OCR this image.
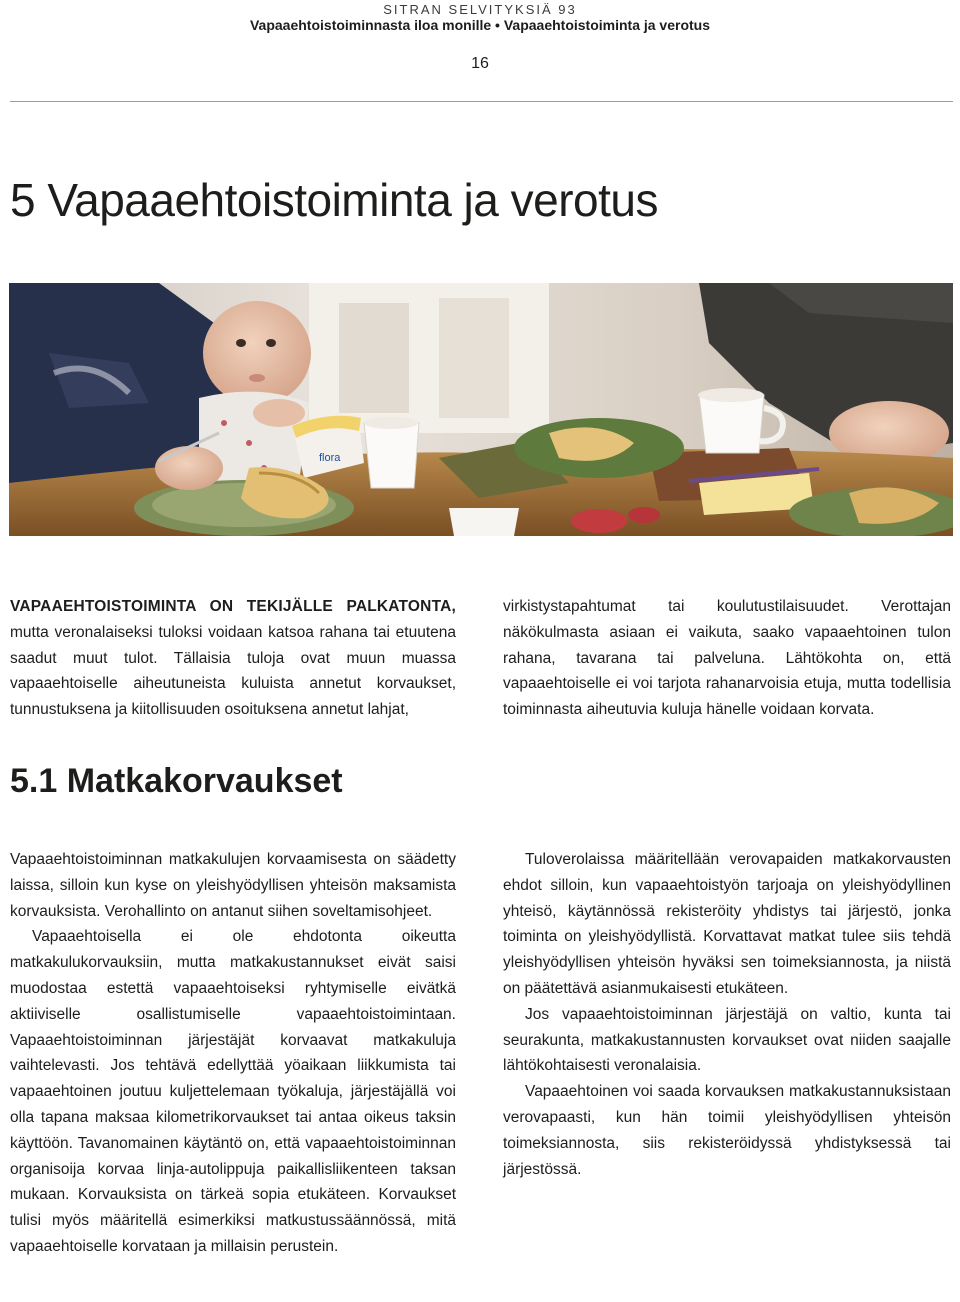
SITRAN SELVITYKSIÄ 93

Vapaaehtoistoiminnasta iloa monille • Vapaaehtoistoiminta ja verotus

16

5 Vapaaehtoistoiminta ja verotus
flora

VAPAAEHTOISTOIMINTA ON TEKIJÄLLE PALKATONTA, mutta veronalaiseksi tuloksi voidaan katsoa rahana tai etuutena saadut muut tulot. Tällaisia tuloja ovat muun muassa vapaaehtoiselle aiheutuneista kuluista annetut korvaukset, tunnustuksena ja kiitollisuuden osoituksena annetut lahjat,

virkistystapahtumat tai koulutustilaisuudet. Verottajan näkökulmasta asiaan ei vaikuta, saako vapaaehtoinen tulon rahana, tavarana tai palveluna. Lähtökohta on, että vapaaehtoiselle ei voi tarjota rahanarvoisia etuja, mutta todellisia toiminnasta aiheutuvia kuluja hänelle voidaan korvata.

5.1 Matkakorvaukset

Vapaaehtoistoiminnan matkakulujen korvaamisesta on säädetty laissa, silloin kun kyse on yleishyödyllisen yhteisön maksamista korvauksista. Verohallinto on antanut siihen soveltamisohjeet.

Vapaaehtoisella ei ole ehdotonta oikeutta matkakulukorvauksiin, mutta matkakustannukset eivät saisi muodostaa estettä vapaaehtoiseksi ryhtymiselle eivätkä aktiiviselle osallistumiselle vapaaehtoistoimintaan. Vapaaehtoistoiminnan järjestäjät korvaavat matkakuluja vaihtelevasti. Jos tehtävä edellyttää yöaikaan liikkumista tai vapaaehtoinen joutuu kuljettelemaan työkaluja, järjestäjällä voi olla tapana maksaa kilometrikorvaukset tai antaa oikeus taksin käyttöön. Tavanomainen käytäntö on, että vapaaehtoistoiminnan organisoija korvaa linja-autolippuja paikallisliikenteen taksan mukaan. Korvauksista on tärkeä sopia etukäteen. Korvaukset tulisi myös määritellä esimerkiksi matkustussäännössä, mitä vapaaehtoiselle korvataan ja millaisin perustein.

Tuloverolaissa määritellään verovapaiden matkakorvausten ehdot silloin, kun vapaaehtoistyön tarjoaja on yleishyödyllinen yhteisö, käytännössä rekisteröity yhdistys tai järjestö, jonka toiminta on yleishyödyllistä. Korvattavat matkat tulee siis tehdä yleishyödyllisen yhteisön hyväksi sen toimeksiannosta, ja niistä on päätettävä asianmukaisesti etukäteen.

Jos vapaaehtoistoiminnan järjestäjä on valtio, kunta tai seurakunta, matkakustannusten korvaukset ovat niiden saajalle lähtökohtaisesti veronalaisia.

Vapaaehtoinen voi saada korvauksen matkakustannuksistaan verovapaasti, kun hän toimii yleishyödyllisen yhteisön toimeksiannosta, siis rekisteröidyssä yhdistyksessä tai järjestössä.
